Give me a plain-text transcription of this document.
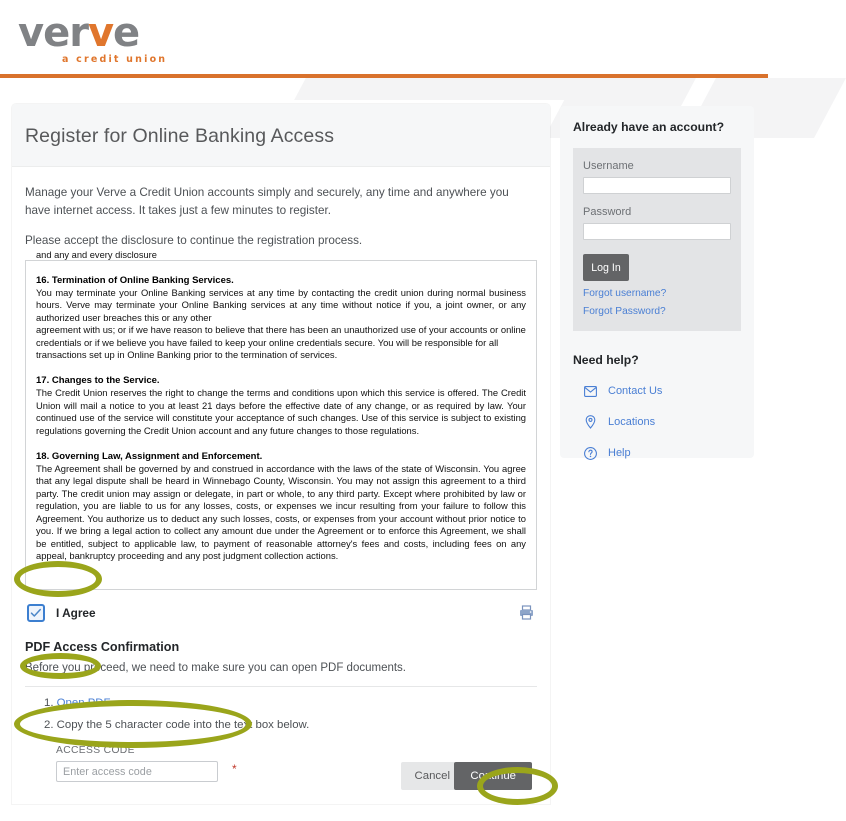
verve
a credit union
Register for Online Banking Access

Manage your Verve a Credit Union accounts simply and securely, any time and anywhere you have internet access. It takes just a few minutes to register.

Please accept the disclosure to continue the registration process.

and any and every disclosure

16. Termination of Online Banking Services.

You may terminate your Online Banking services at any time by contacting the credit union during normal business hours. Verve may terminate your Online Banking services at any time without notice if you, a joint owner, or any authorized user breaches this or any other

agreement with us; or if we have reason to believe that there has been an unauthorized use of your accounts or online credentials or if we believe you have failed to keep your online credentials secure. You will be responsible for all transactions set up in Online Banking prior to the termination of services.

17. Changes to the Service.

The Credit Union reserves the right to change the terms and conditions upon which this service is offered. The Credit Union will mail a notice to you at least 21 days before the effective date of any change, or as required by law. Your continued use of the service will constitute your acceptance of such changes. Use of this service is subject to existing regulations governing the Credit Union account and any future changes to those regulations.

18. Governing Law, Assignment and Enforcement.

The Agreement shall be governed by and construed in accordance with the laws of the state of Wisconsin. You agree that any legal dispute shall be heard in Winnebago County, Wisconsin. You may not assign this agreement to a third party. The credit union may assign or delegate, in part or whole, to any third party. Except where prohibited by law or regulation, you are liable to us for any losses, costs, or expenses we incur resulting from your failure to follow this Agreement. You authorize us to deduct any such losses, costs, or expenses from your account without prior notice to you. If we bring a legal action to collect any amount due under the Agreement or to enforce this Agreement, we shall be entitled, subject to applicable law, to payment of reasonable attorney's fees and costs, including fees on any appeal, bankruptcy proceeding and any post judgment collection actions.

I Agree

PDF Access Confirmation

Before you proceed, we need to make sure you can open PDF documents.

1. Open PDF

2. Copy the 5 character code into the text box below.

ACCESS CODE
Enter access code
*	Cancel	Continue

Already have an account?

Username

Password

Log In
Forgot username?
Forgot Password?

Need help?

Contact Us
Locations
Help
